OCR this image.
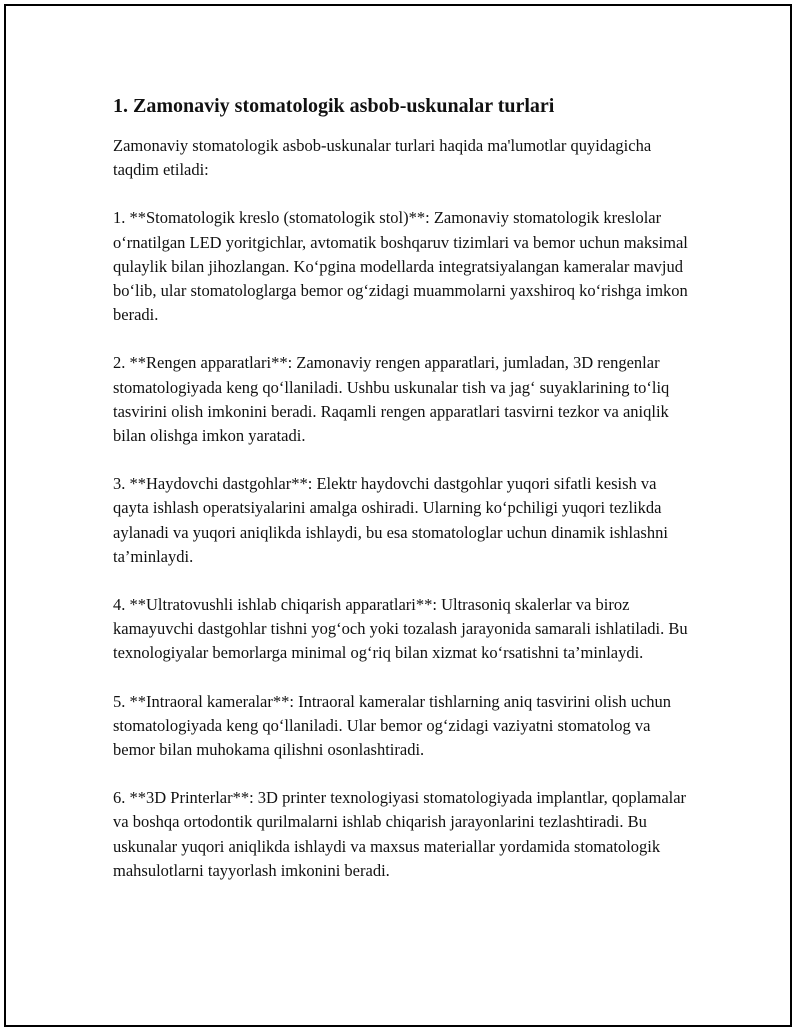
1. Zamonaviy stomatologik asbob-uskunalar turlari

Zamonaviy stomatologik asbob-uskunalar turlari haqida ma'lumotlar quyidagicha taqdim etiladi:

1. **Stomatologik kreslo (stomatologik stol)**: Zamonaviy stomatologik kreslolar o‘rnatilgan LED yoritgichlar, avtomatik boshqaruv tizimlari va bemor uchun maksimal qulaylik bilan jihozlangan. Ko‘pgina modellarda integratsiyalangan kameralar mavjud bo‘lib, ular stomatologlarga bemor og‘zidagi muammolarni yaxshiroq ko‘rishga imkon beradi.

2. **Rengen apparatlari**: Zamonaviy rengen apparatlari, jumladan, 3D rengenlar stomatologiyada keng qo‘llaniladi. Ushbu uskunalar tish va jag‘ suyaklarining to‘liq tasvirini olish imkonini beradi. Raqamli rengen apparatlari tasvirni tezkor va aniqlik bilan olishga imkon yaratadi.

3. **Haydovchi dastgohlar**: Elektr haydovchi dastgohlar yuqori sifatli kesish va qayta ishlash operatsiyalarini amalga oshiradi. Ularning ko‘pchiligi yuqori tezlikda aylanadi va yuqori aniqlikda ishlaydi, bu esa stomatologlar uchun dinamik ishlashni ta’minlaydi.

4. **Ultratovushli ishlab chiqarish apparatlari**: Ultrasoniq skalerlar va biroz kamayuvchi dastgohlar tishni yog‘och yoki tozalash jarayonida samarali ishlatiladi. Bu texnologiyalar bemorlarga minimal og‘riq bilan xizmat ko‘rsatishni ta’minlaydi.

5. **Intraoral kameralar**: Intraoral kameralar tishlarning aniq tasvirini olish uchun stomatologiyada keng qo‘llaniladi. Ular bemor og‘zidagi vaziyatni stomatolog va bemor bilan muhokama qilishni osonlashtiradi.

6. **3D Printerlar**: 3D printer texnologiyasi stomatologiyada implantlar, qoplamalar va boshqa ortodontik qurilmalarni ishlab chiqarish jarayonlarini tezlashtiradi. Bu uskunalar yuqori aniqlikda ishlaydi va maxsus materiallar yordamida stomatologik mahsulotlarni tayyorlash imkonini beradi.
